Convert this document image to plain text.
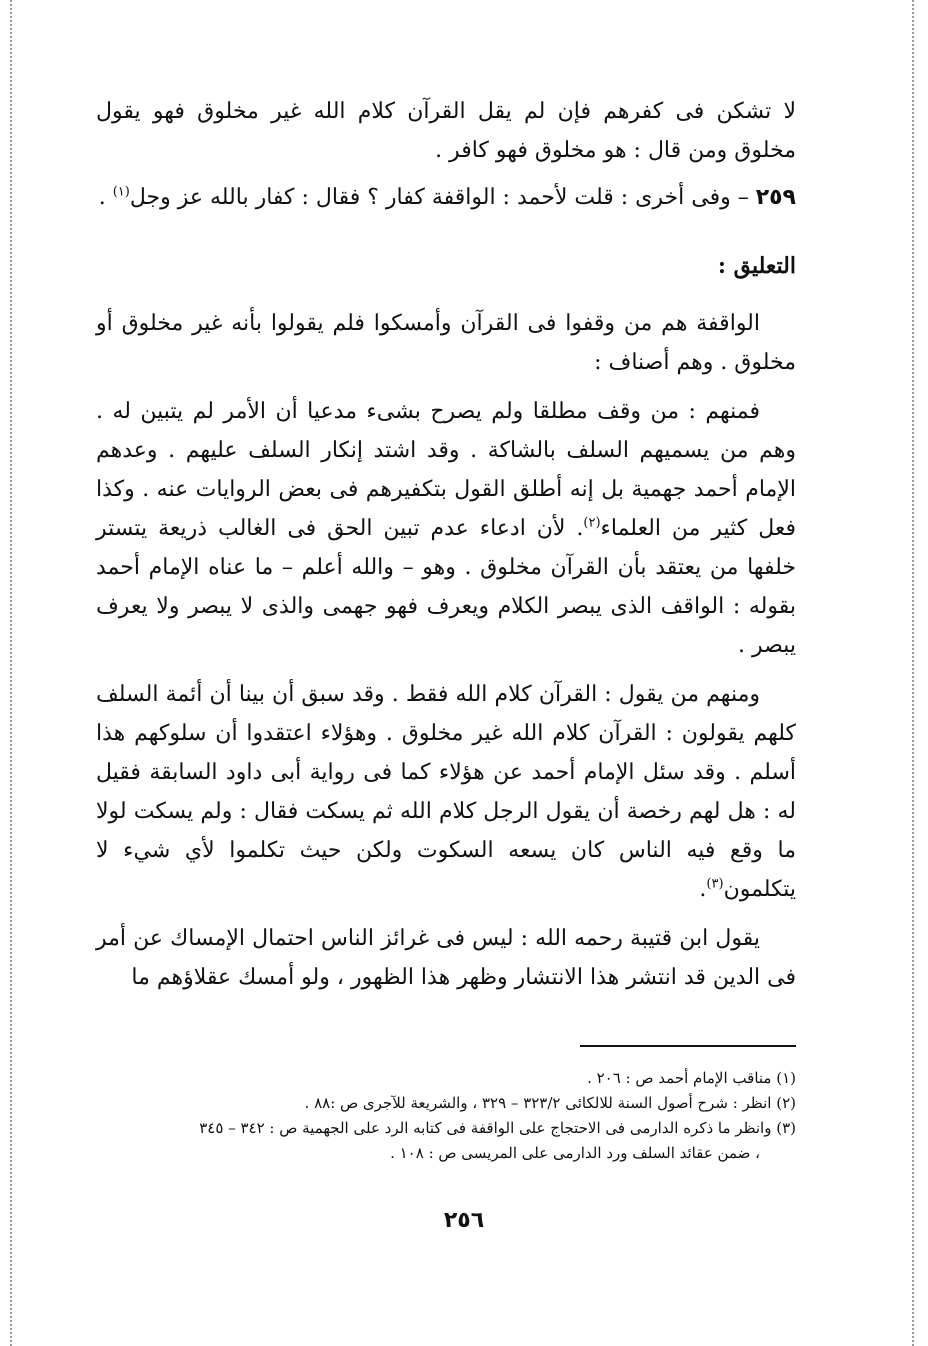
لا تشكن فى كفرهم فإن لم يقل القرآن كلام الله غير مخلوق فهو يقول مخلوق ومن قال : هو مخلوق فهو كافر .

٢٥٩ – وفى أخرى : قلت لأحمد : الواقفة كفار ؟ فقال : كفار بالله عز وجل$^{(١)}$ .

التعليق :

الواقفة هم من وقفوا فى القرآن وأمسكوا فلم يقولوا بأنه غير مخلوق أو مخلوق . وهم أصناف :

فمنهم : من وقف مطلقا ولم يصرح بشىء مدعيا أن الأمر لم يتبين له . وهم من يسميهم السلف بالشاكة . وقد اشتد إنكار السلف عليهم . وعدهم الإمام أحمد جهمية بل إنه أطلق القول بتكفيرهم فى بعض الروايات عنه . وكذا فعل كثير من العلماء$^{(٢)}$. لأن ادعاء عدم تبين الحق فى الغالب ذريعة يتستر خلفها من يعتقد بأن القرآن مخلوق . وهو – والله أعلم – ما عناه الإمام أحمد بقوله : الواقف الذى يبصر الكلام ويعرف فهو جهمى والذى لا يبصر ولا يعرف يبصر .

ومنهم من يقول : القرآن كلام الله فقط . وقد سبق أن بينا أن أئمة السلف كلهم يقولون : القرآن كلام الله غير مخلوق . وهؤلاء اعتقدوا أن سلوكهم هذا أسلم . وقد سئل الإمام أحمد عن هؤلاء كما فى رواية أبى داود السابقة فقيل له : هل لهم رخصة أن يقول الرجل كلام الله ثم يسكت فقال : ولم يسكت لولا ما وقع فيه الناس كان يسعه السكوت ولكن حيث تكلموا لأي شيء لا يتكلمون$^{(٣)}$.

يقول ابن قتيبة رحمه الله : ليس فى غرائز الناس احتمال الإمساك عن أمر فى الدين قد انتشر هذا الانتشار وظهر هذا الظهور ، ولو أمسك عقلاؤهم ما

(١) مناقب الإمام أحمد ص : ٢٠٦ .

(٢) انظر : شرح أصول السنة للالكائى ٣٢٣/٢ – ٣٢٩ ، والشريعة للآجرى ص :٨٨ .

(٣) وانظر ما ذكره الدارمى فى الاحتجاج على الواقفة فى كتابه الرد على الجهمية ص : ٣٤٢ – ٣٤٥

، ضمن عقائد السلف ورد الدارمى على المريسى ص : ١٠٨ .

٢٥٦
